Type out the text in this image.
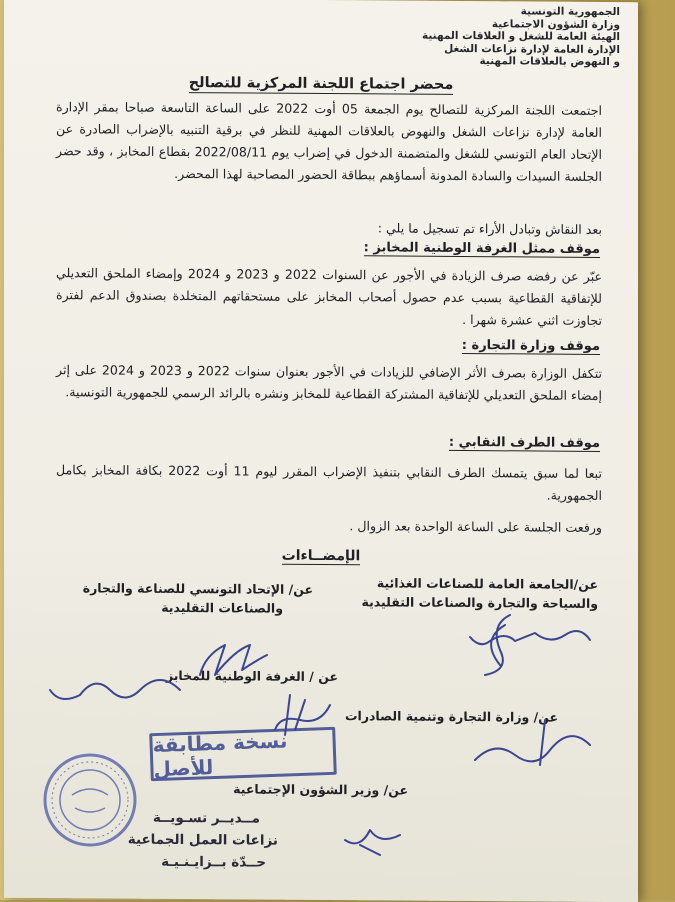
الجمهورية التونسية
وزارة الشؤون الاجتماعية
الهيئة العامة للشغل و العلاقات المهنية
الإدارة العامة لإدارة نزاعات الشغل
و النهوض بالعلاقات المهنية
محضر اجتماع اللجنة المركزية للتصالح
اجتمعت اللجنة المركزية للتصالح يوم الجمعة 05 أوت 2022 على الساعة التاسعة صباحا بمقر الإدارة العامة لإدارة نزاعات الشغل والنهوض بالعلاقات المهنية للنظر في برقية التنبيه بالإضراب الصادرة عن الإتحاد العام التونسي للشغل والمتضمنة الدخول في إضراب يوم 2022/08/11 بقطاع المخابز ، وقد حضر الجلسة السيدات والسادة المدونة أسماؤهم ببطاقة الحضور المصاحبة لهذا المحضر.
بعد النقاش وتبادل الأراء تم تسجيل ما يلي :
موقف ممثل الغرفة الوطنية المخابز :
عبّر عن رفضه صرف الزيادة في الأجور عن السنوات 2022 و 2023 و 2024 وإمضاء الملحق التعديلي للإتفاقية القطاعية بسبب عدم حصول أصحاب المخابز على مستحقاتهم المتخلدة بصندوق الدعم لفترة تجاوزت اثني عشرة شهرا .
موقف وزارة التجارة :
تتكفل الوزارة بصرف الأثر الإضافي للزيادات في الأجور بعنوان سنوات 2022 و 2023 و 2024 على إثر إمضاء الملحق التعديلي للإتفاقية المشتركة القطاعية للمخابز ونشره بالرائد الرسمي للجمهورية التونسية.
موقف الطرف النقابي :
تبعا لما سبق يتمسك الطرف النقابي بتنفيذ الإضراب المقرر ليوم 11 أوت 2022 بكافة المخابز بكامل الجمهورية.
ورفعت الجلسة على الساعة الواحدة بعد الزوال .
الإمضــاءات
عن/الجامعة العامة للصناعات الغذائية
والسياحة والتجارة والصناعات التقليدية
عن/ الإتحاد التونسي للصناعة والتجارة
والصناعات التقليدية
عن / الغرفة الوطنية للمخابز
عن/ وزارة التجارة وتنمية الصادرات
عن/ وزير الشؤون الإجتماعية
مــديــر تسـويــة
نزاعات العمل الجماعية
حــدّة بــزايـنـيـة
نسخة مطابقة للأصل
